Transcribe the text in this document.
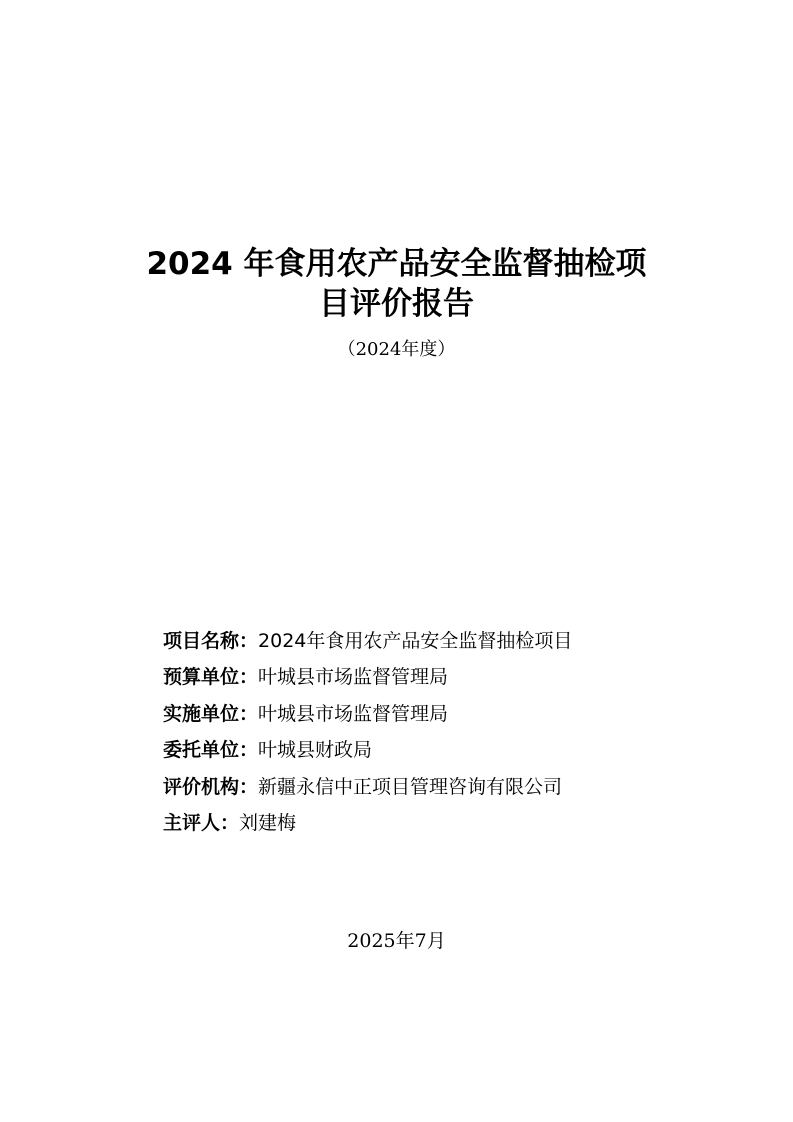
2024 年食用农产品安全监督抽检项
目评价报告
（2024年度）
项目名称：2024年食用农产品安全监督抽检项目
预算单位：叶城县市场监督管理局
实施单位：叶城县市场监督管理局
委托单位：叶城县财政局
评价机构：新疆永信中正项目管理咨询有限公司
主评人：刘建梅
2025年7月
